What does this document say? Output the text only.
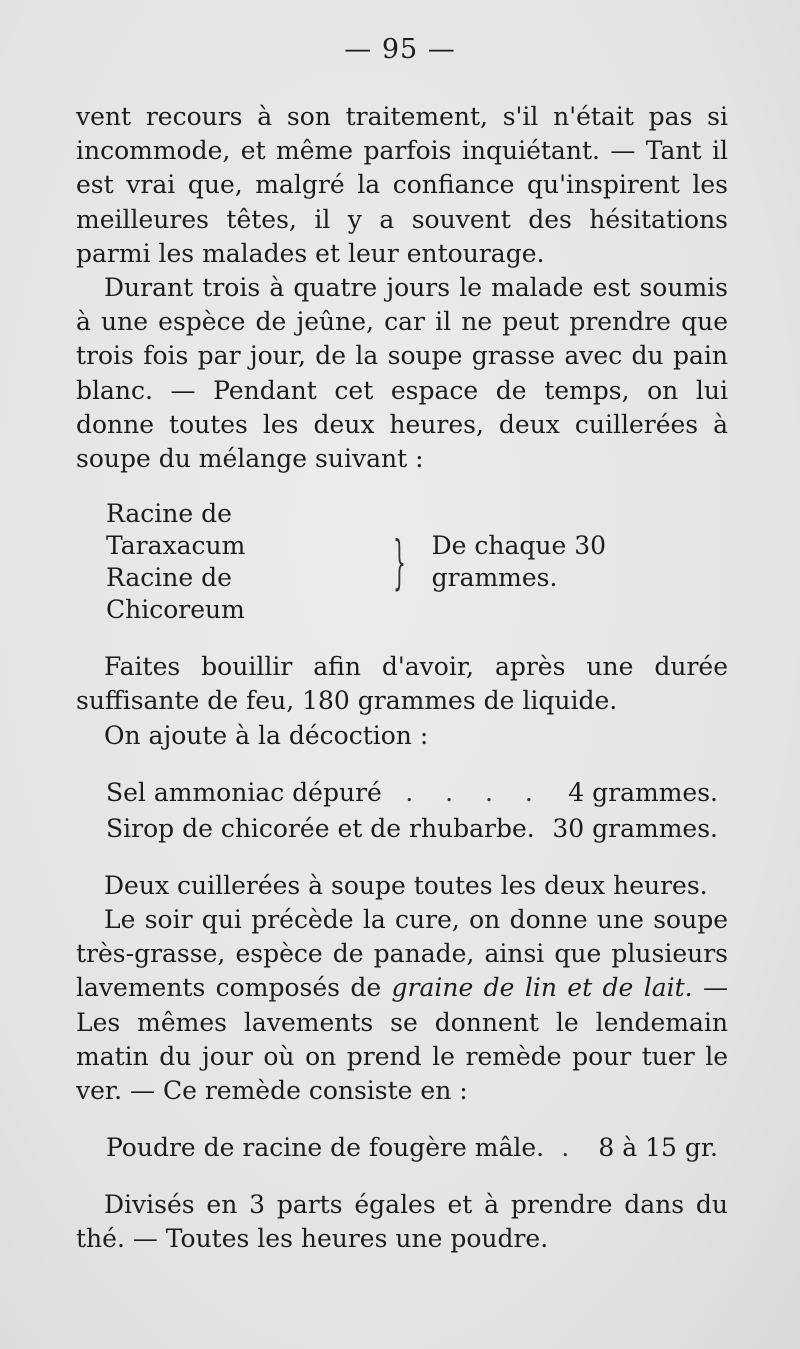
— 95 —

vent recours à son traitement, s'il n'était pas si incommode, et même parfois inquiétant. — Tant il est vrai que, malgré la confiance qu'inspirent les meilleures têtes, il y a souvent des hésitations parmi les malades et leur entourage.

Durant trois à quatre jours le malade est soumis à une espèce de jeûne, car il ne peut prendre que trois fois par jour, de la soupe grasse avec du pain blanc. — Pendant cet espace de temps, on lui donne toutes les deux heures, deux cuillerées à soupe du mélange suivant :

Racine de Taraxacum
Racine de Chicoreum
} De chaque 30 grammes.

Faites bouillir afin d'avoir, après une durée suffisante de feu, 180 grammes de liquide.

On ajoute à la décoction :

Sel ammoniac dépuré . . . . 4 grammes.
Sirop de chicorée et de rhubarbe. 30 grammes.

Deux cuillerées à soupe toutes les deux heures.

Le soir qui précède la cure, on donne une soupe très-grasse, espèce de panade, ainsi que plusieurs lavements composés de graine de lin et de lait. — Les mêmes lavements se donnent le lendemain matin du jour où on prend le remède pour tuer le ver. — Ce remède consiste en :

Poudre de racine de fougère mâle. . 8 à 15 gr.

Divisés en 3 parts égales et à prendre dans du thé. — Toutes les heures une poudre.
